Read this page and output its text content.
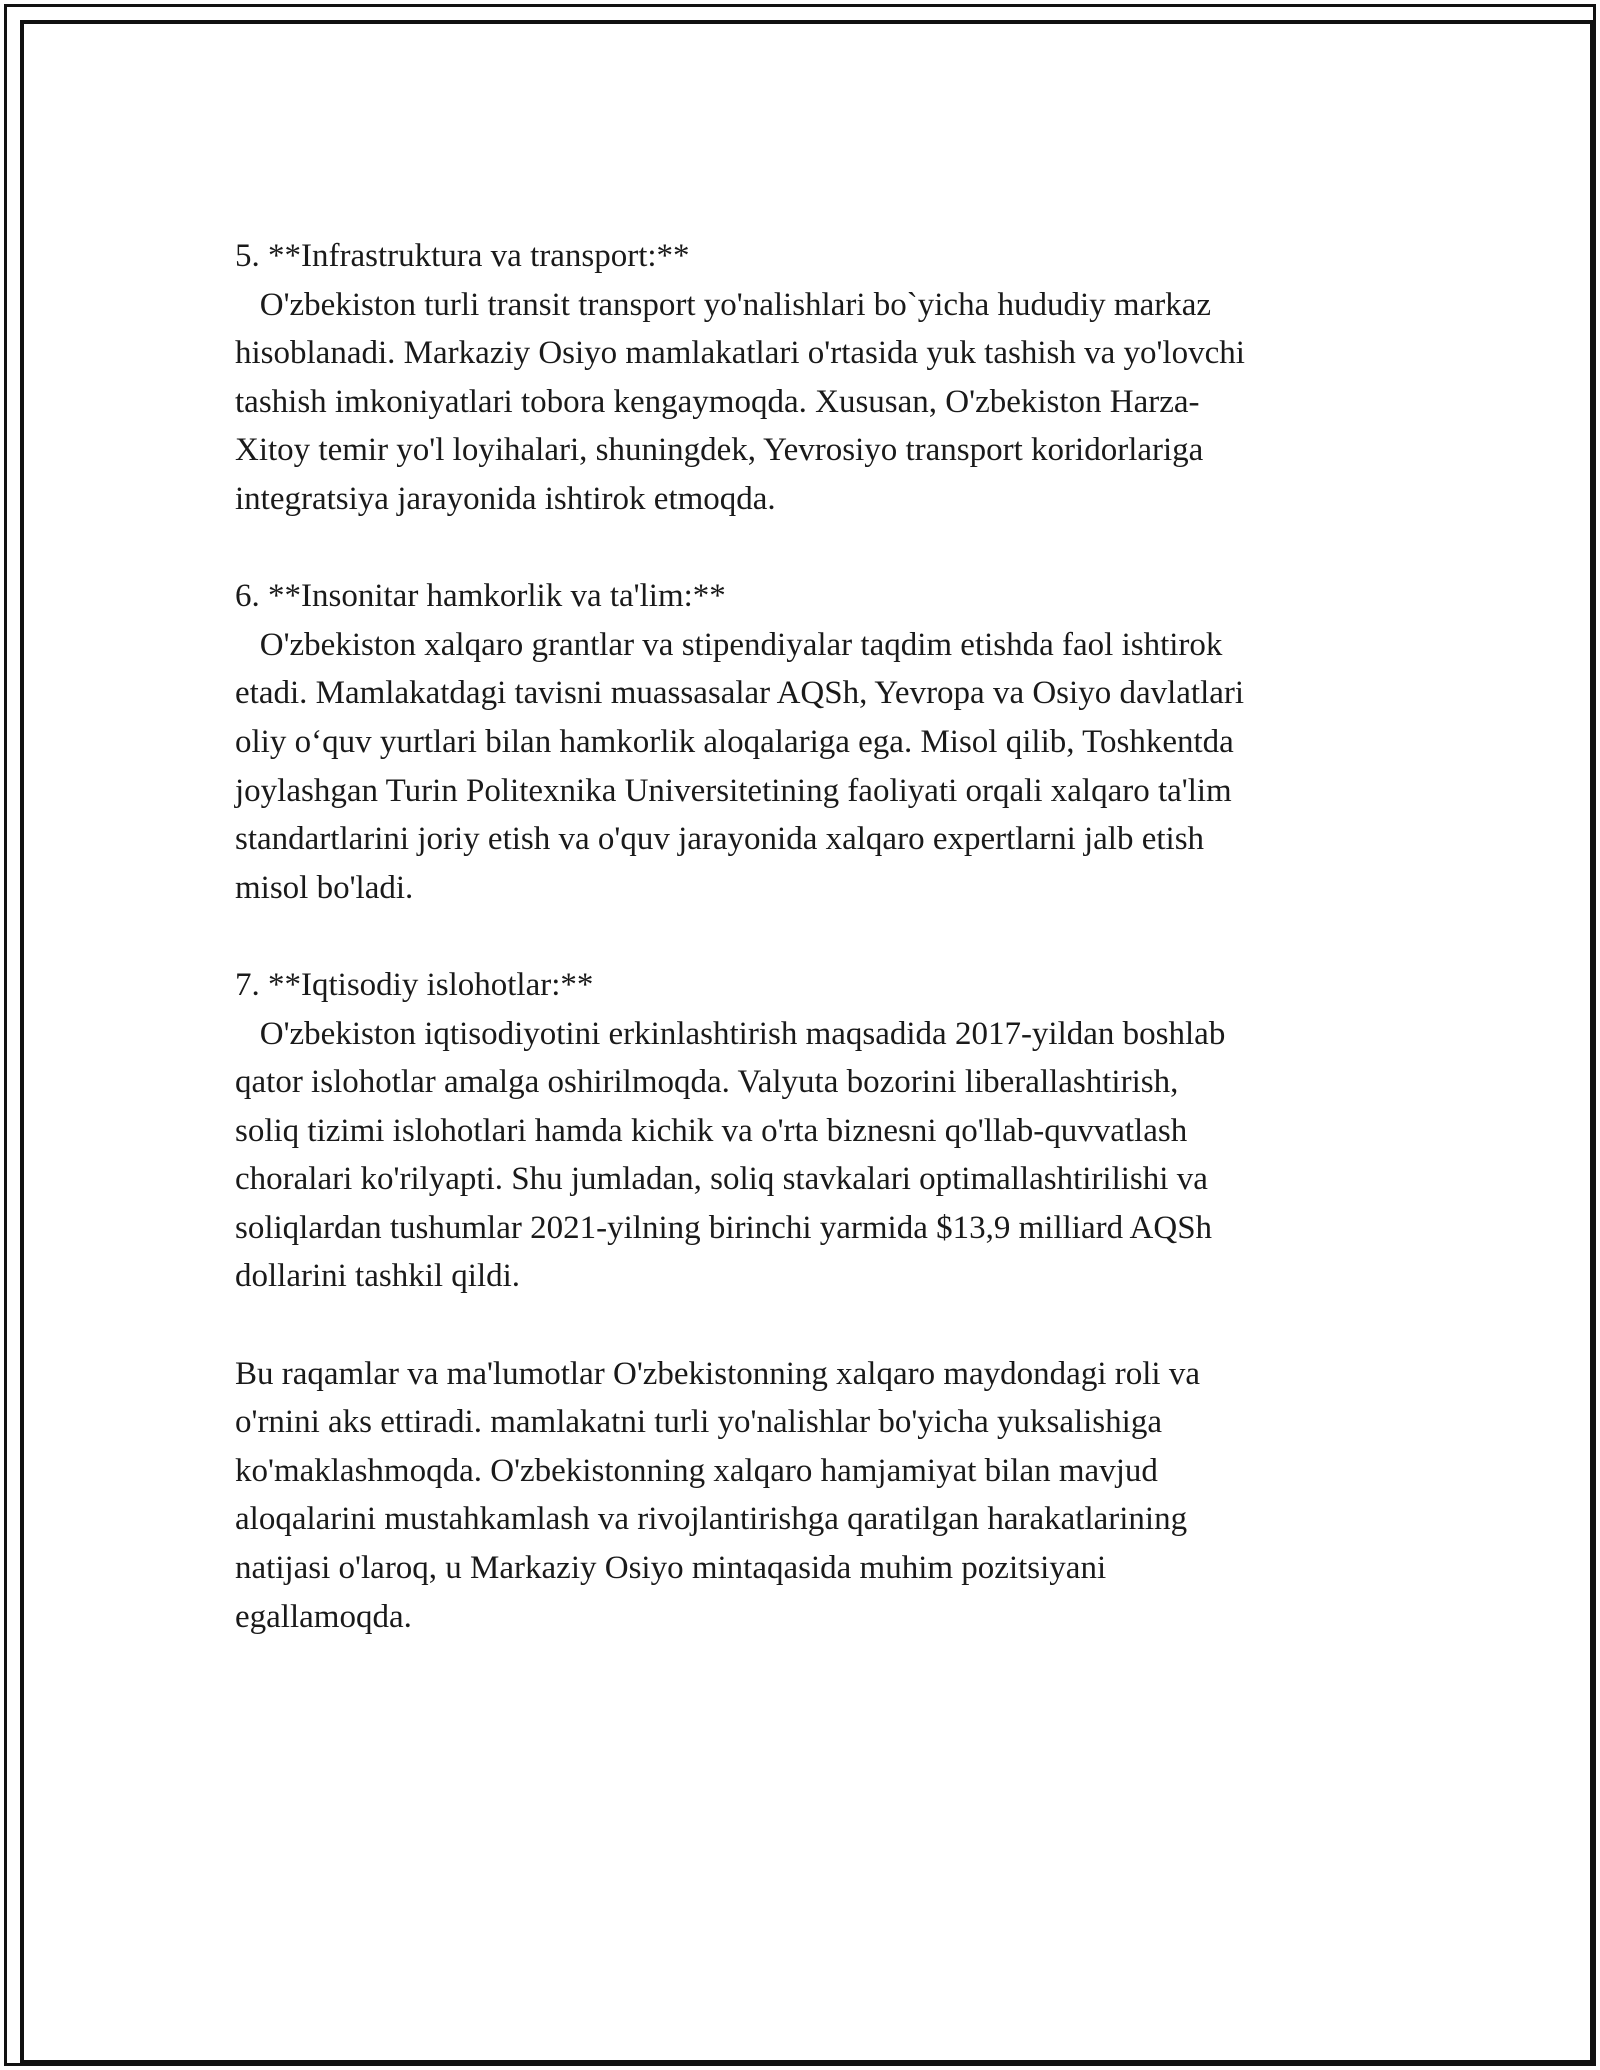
5. **Infrastruktura va transport:**

O'zbekiston turli transit transport yo'nalishlari bo`yicha hududiy markaz
hisoblanadi. Markaziy Osiyo mamlakatlari o'rtasida yuk tashish va yo'lovchi
tashish imkoniyatlari tobora kengaymoqda. Xususan, O'zbekiston Harza-
Xitoy temir yo'l loyihalari, shuningdek, Yevrosiyo transport koridorlariga
integratsiya jarayonida ishtirok etmoqda.

6. **Insonitar hamkorlik va ta'lim:**

O'zbekiston xalqaro grantlar va stipendiyalar taqdim etishda faol ishtirok
etadi. Mamlakatdagi tavisni muassasalar AQSh, Yevropa va Osiyo davlatlari
oliy o‘quv yurtlari bilan hamkorlik aloqalariga ega. Misol qilib, Toshkentda
joylashgan Turin Politexnika Universitetining faoliyati orqali xalqaro ta'lim
standartlarini joriy etish va o'quv jarayonida xalqaro expertlarni jalb etish
misol bo'ladi.

7. **Iqtisodiy islohotlar:**

O'zbekiston iqtisodiyotini erkinlashtirish maqsadida 2017-yildan boshlab
qator islohotlar amalga oshirilmoqda. Valyuta bozorini liberallashtirish,
soliq tizimi islohotlari hamda kichik va o'rta biznesni qo'llab-quvvatlash
choralari ko'rilyapti. Shu jumladan, soliq stavkalari optimallashtirilishi va
soliqlardan tushumlar 2021-yilning birinchi yarmida $13,9 milliard AQSh
dollarini tashkil qildi.

Bu raqamlar va ma'lumotlar O'zbekistonning xalqaro maydondagi roli va
o'rnini aks ettiradi. mamlakatni turli yo'nalishlar bo'yicha yuksalishiga
ko'maklashmoqda. O'zbekistonning xalqaro hamjamiyat bilan mavjud
aloqalarini mustahkamlash va rivojlantirishga qaratilgan harakatlarining
natijasi o'laroq, u Markaziy Osiyo mintaqasida muhim pozitsiyani
egallamoqda.
